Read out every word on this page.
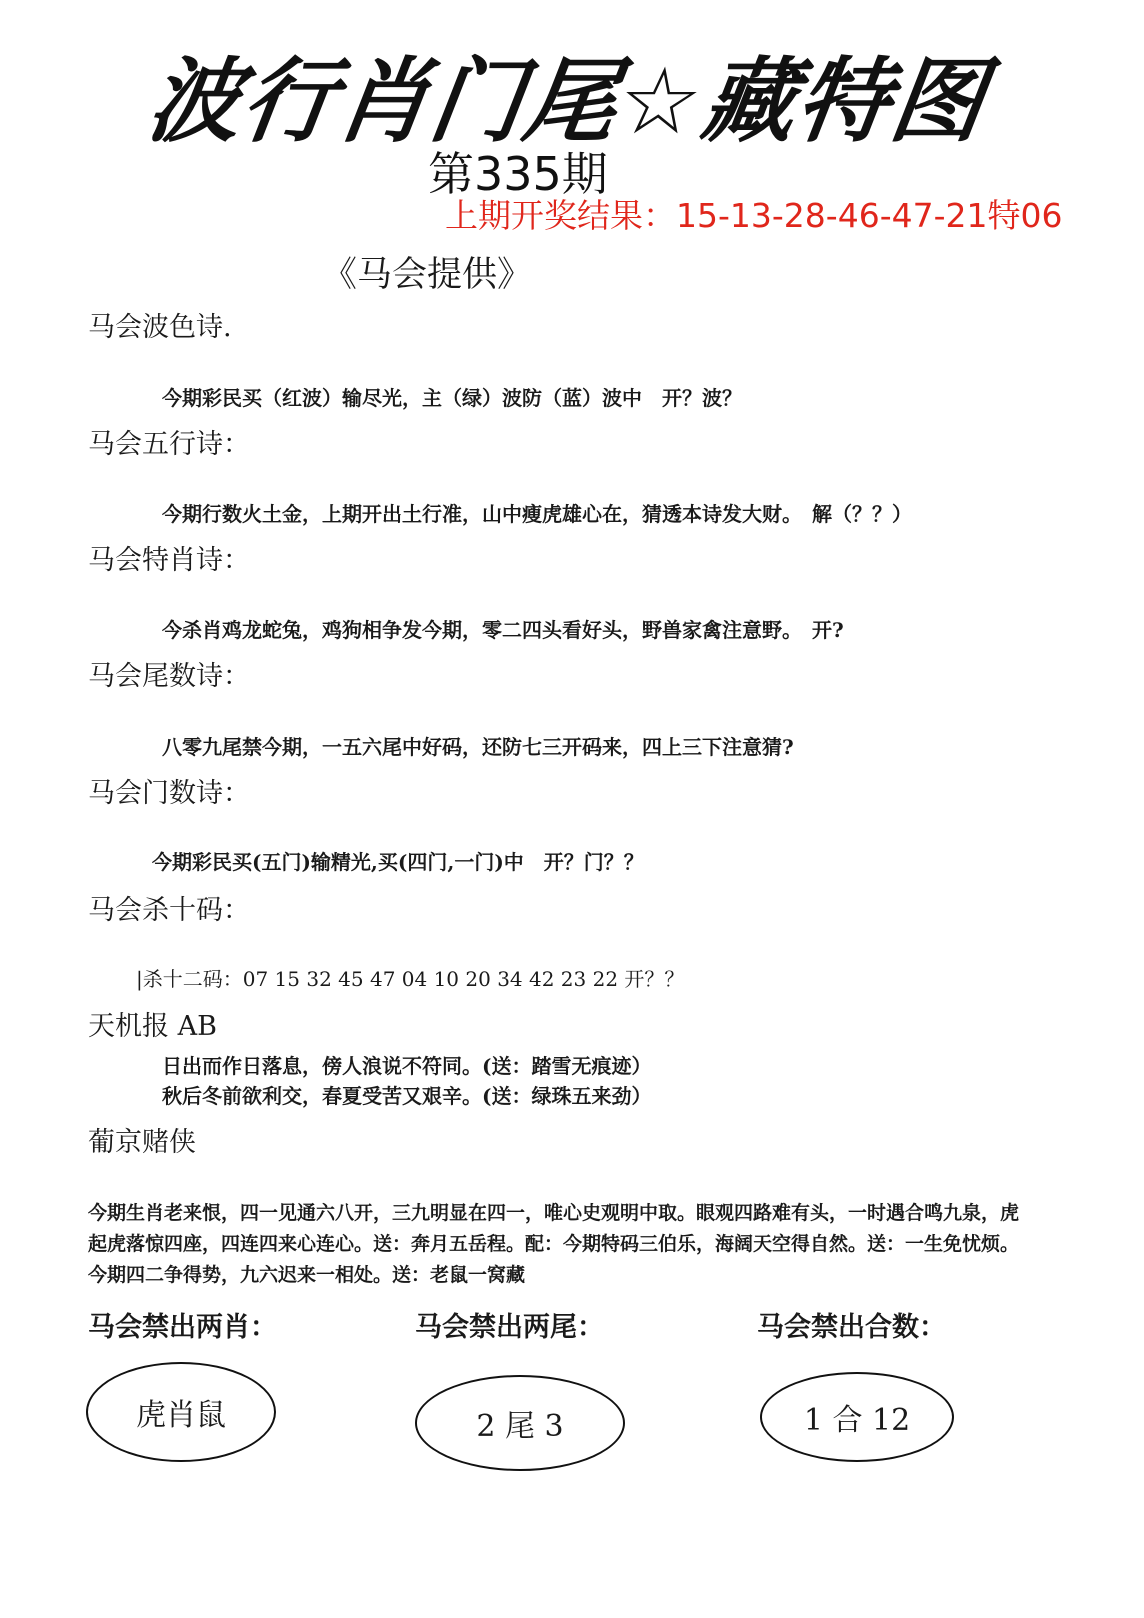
波行肖门尾☆藏特图
第335期
上期开奖结果：15-13-28-46-47-21特06
《马会提供》
马会波色诗.
今期彩民买（红波）输尽光，主（绿）波防（蓝）波中　开？波？
马会五行诗：
今期行数火土金，上期开出土行准，山中瘦虎雄心在，猜透本诗发大财。　解（？？）
马会特肖诗：
今杀肖鸡龙蛇兔，鸡狗相争发今期，零二四头看好头，野兽家禽注意野。　开?
马会尾数诗：
八零九尾禁今期，一五六尾中好码，还防七三开码来，四上三下注意猜?
马会门数诗：
今期彩民买(五门)输精光,买(四门,一门)中　开？门？？
马会杀十码：
|杀十二码：07 15 32 45 47 04 10 20 34 42 23 22 开？？
天机报 AB
日出而作日落息，傍人浪说不符同。(送：踏雪无痕迹）
秋后冬前欲利交，春夏受苦又艰辛。(送：绿珠五来劲）
葡京赌侠
今期生肖老来恨，四一见通六八开，三九明显在四一，唯心史观明中取。眼观四路难有头，一时遇合鸣九泉，虎起虎落惊四座，四连四来心连心。送：奔月五岳程。配：今期特码三伯乐，海阔天空得自然。送：一生免忧烦。今期四二争得势，九六迟来一相处。送：老鼠一窝藏
马会禁出两肖：	马会禁出两尾：	马会禁出合数：
虎肖鼠	2 尾 3	1 合 12
